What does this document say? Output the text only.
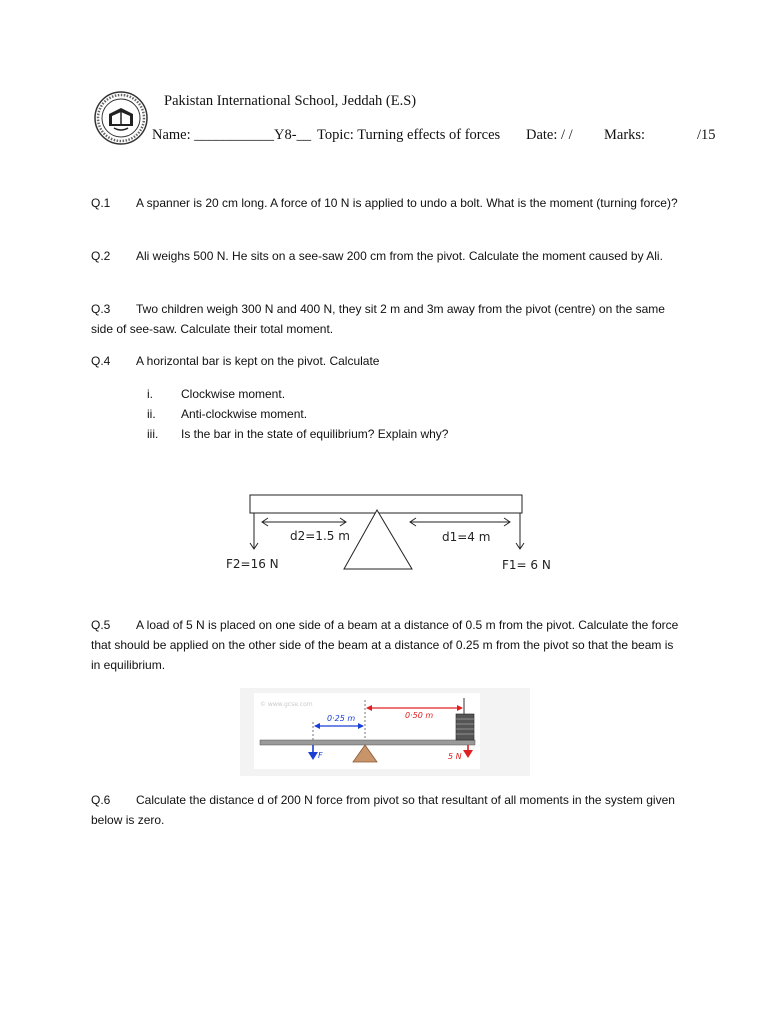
Pakistan International School, Jeddah (E.S)
Name: ___________Y8-__ Topic: Turning effects of forces Date: / / Marks:	/15
Q.1 A spanner is 20 cm long. A force of 10 N is applied to undo a bolt. What is the moment (turning force)?
Q.2 Ali weighs 500 N. He sits on a see-saw 200 cm from the pivot. Calculate the moment caused by Ali.
Q.3 Two children weigh 300 N and 400 N, they sit 2 m and 3m away from the pivot (centre) on the same side of see-saw. Calculate their total moment.
Q.4 A horizontal bar is kept on the pivot. Calculate
i. Clockwise moment.
ii. Anti-clockwise moment.
iii. Is the bar in the state of equilibrium? Explain why?
d2=1.5 m	d1=4 m
F2=16 N	F1= 6 N
Q.5 A load of 5 N is placed on one side of a beam at a distance of 0.5 m from the pivot. Calculate the force that should be applied on the other side of the beam at a distance of 0.25 m from the pivot so that the beam is in equilibrium.
© www.gcse.com
0·25 m	0·50 m
F	5 N
Q.6 Calculate the distance d of 200 N force from pivot so that resultant of all moments in the system given below is zero.
